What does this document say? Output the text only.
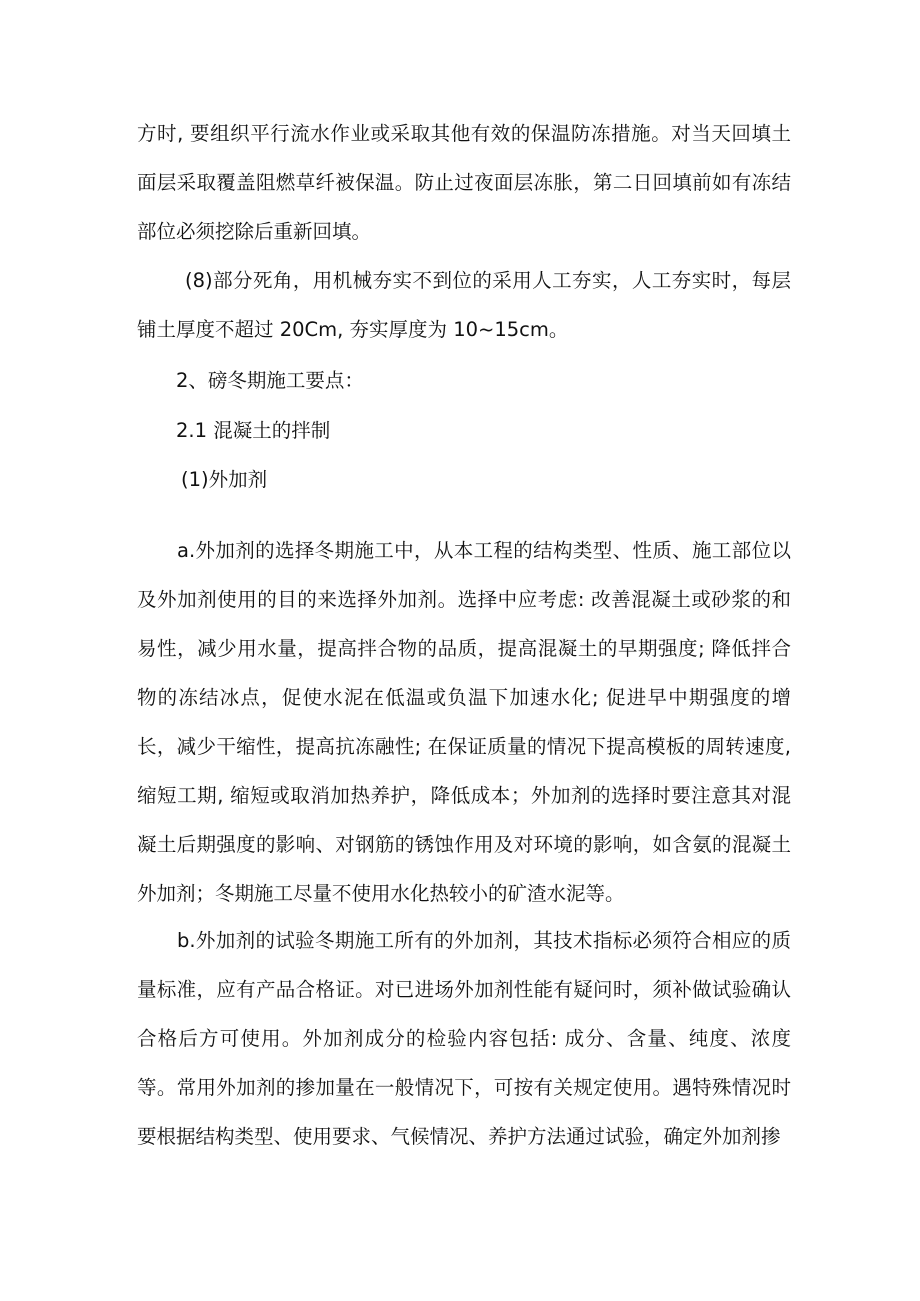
方时, 要组织平行流水作业或采取其他有效的保温防冻措施。对当天回填土面层采取覆盖阻燃草纤被保温。防止过夜面层冻胀，第二日回填前如有冻结部位必须挖除后重新回填。

(8)部分死角，用机械夯实不到位的采用人工夯实，人工夯实时，每层铺土厚度不超过 20Cm, 夯实厚度为 10~15cm。

2、磅冬期施工要点：

2.1 混凝土的拌制

(1)外加剂

a.外加剂的选择冬期施工中，从本工程的结构类型、性质、施工部位以及外加剂使用的目的来选择外加剂。选择中应考虑: 改善混凝土或砂浆的和易性，减少用水量，提高拌合物的品质，提高混凝土的早期强度; 降低拌合物的冻结冰点，促使水泥在低温或负温下加速水化; 促进早中期强度的增长，减少干缩性，提高抗冻融性; 在保证质量的情况下提高模板的周转速度, 缩短工期, 缩短或取消加热养护，降低成本；外加剂的选择时要注意其对混凝土后期强度的影响、对钢筋的锈蚀作用及对环境的影响，如含氨的混凝土外加剂；冬期施工尽量不使用水化热较小的矿渣水泥等。

b.外加剂的试验冬期施工所有的外加剂，其技术指标必须符合相应的质量标准，应有产品合格证。对已进场外加剂性能有疑问时，须补做试验确认合格后方可使用。外加剂成分的检验内容包括: 成分、含量、纯度、浓度等。常用外加剂的掺加量在一般情况下，可按有关规定使用。遇特殊情况时要根据结构类型、使用要求、气候情况、养护方法通过试验，确定外加剂掺
